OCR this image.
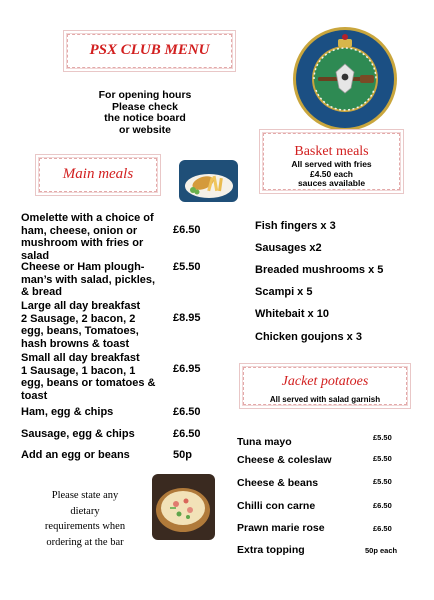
PSX CLUB MENU
For opening hours
Please check
the notice board
or website
Main meals
Basket meals
All served with fries
£4.50 each
sauces available
Omelette with a choice of
ham, cheese, onion or
mushroom with fries or
salad
£6.50
Cheese or Ham plough-
man’s with salad, pickles,
& bread
£5.50
Large all day breakfast
2 Sausage, 2 bacon, 2
egg, beans, Tomatoes,
hash browns & toast
£8.95
Small all day breakfast
1 Sausage, 1 bacon, 1
egg, beans or tomatoes &
toast
£6.95
Ham, egg & chips	£6.50
Sausage, egg & chips	£6.50
Add an egg or beans	50p
Fish fingers x 3
Sausages x2
Breaded mushrooms x 5
Scampi x 5
Whitebait x 10
Chicken goujons x 3
Jacket potatoes
All served with salad garnish
Tuna mayo	£5.50
Cheese & coleslaw	£5.50
Cheese & beans	£5.50
Chilli con carne	£6.50
Prawn marie rose	£6.50
Extra topping	50p each
Please state any
dietary
requirements when
ordering at the bar
